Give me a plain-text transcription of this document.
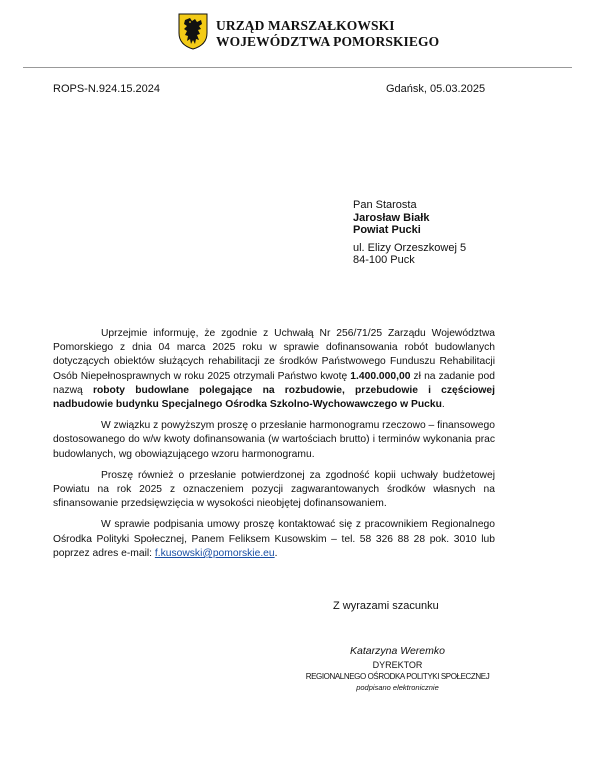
URZĄD MARSZAŁKOWSKI
WOJEWÓDZTWA POMORSKIEGO
ROPS-N.924.15.2024	Gdańsk, 05.03.2025
Pan Starosta
Jarosław Białk
Powiat Pucki
ul. Elizy Orzeszkowej 5
84-100 Puck

Uprzejmie informuję, że zgodnie z Uchwałą Nr 256/71/25 Zarządu Województwa Pomorskiego z dnia 04 marca 2025 roku w sprawie dofinansowania robót budowlanych dotyczących obiektów służących rehabilitacji ze środków Państwowego Funduszu Rehabilitacji Osób Niepełnosprawnych w roku 2025 otrzymali Państwo kwotę 1.400.000,00 zł na zadanie pod nazwą roboty budowlane polegające na rozbudowie, przebudowie i częściowej nadbudowie budynku Specjalnego Ośrodka Szkolno-Wychowawczego w Pucku.

W związku z powyższym proszę o przesłanie harmonogramu rzeczowo – finansowego dostosowanego do w/w kwoty dofinansowania (w wartościach brutto) i terminów wykonania prac budowlanych, wg obowiązującego wzoru harmonogramu.

Proszę również o przesłanie potwierdzonej za zgodność kopii uchwały budżetowej Powiatu na rok 2025 z oznaczeniem pozycji zagwarantowanych środków własnych na sfinansowanie przedsięwzięcia w wysokości nieobjętej dofinansowaniem.

W sprawie podpisania umowy proszę kontaktować się z pracownikiem Regionalnego Ośrodka Polityki Społecznej, Panem Feliksem Kusowskim – tel. 58 326 88 28 pok. 3010 lub poprzez adres e-mail: f.kusowski@pomorskie.eu.

Z wyrazami szacunku
Katarzyna Weremko
DYREKTOR
REGIONALNEGO OŚRODKA POLITYKI SPOŁECZNEJ
podpisano elektronicznie
